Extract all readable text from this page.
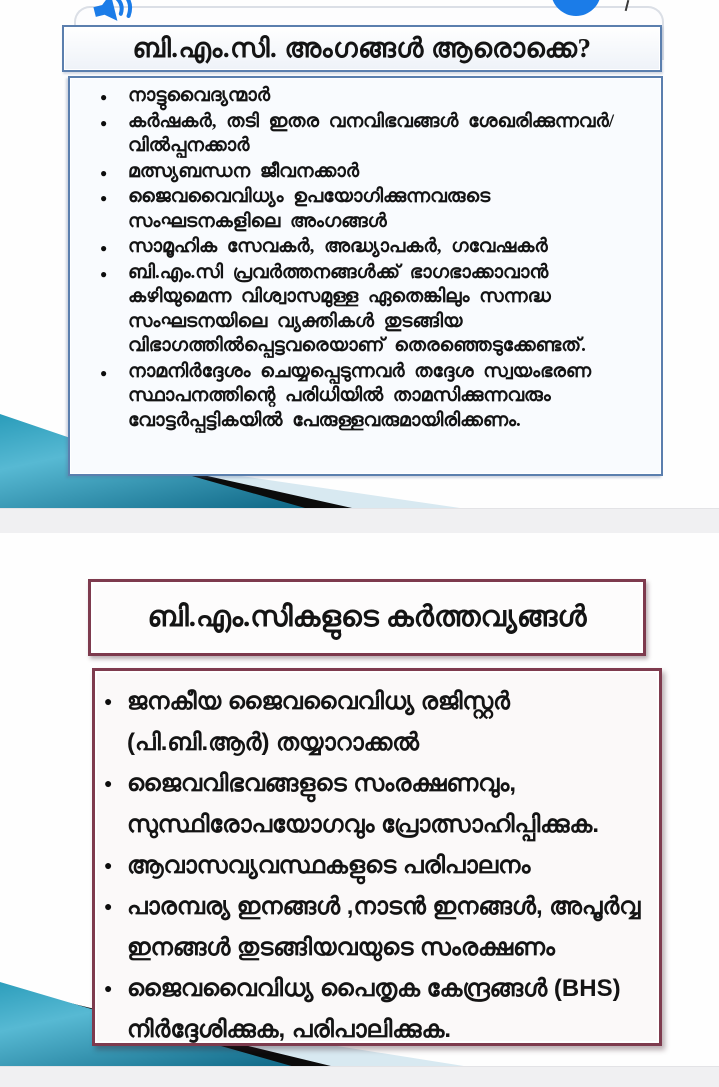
ബി.എം.സി. അംഗങ്ങൾ ആരൊക്കെ?
● നാട്ടുവൈദ്യന്മാർ
● കർഷകർ, തടി ഇതര വനവിഭവങ്ങൾ ശേഖരിക്കുന്നവർ/വിൽപ്പനക്കാർ
● മത്സ്യബന്ധന ജീവനക്കാർ
● ജൈവവൈവിധ്യം ഉപയോഗിക്കുന്നവരുടെ സംഘടനകളിലെ അംഗങ്ങൾ
● സാമൂഹിക സേവകർ, അദ്ധ്യാപകർ, ഗവേഷകർ
● ബി.എം.സി പ്രവർത്തനങ്ങൾക്ക് ഭാഗഭാക്കാവാൻ കഴിയുമെന്ന വിശ്വാസമുള്ള ഏതെങ്കിലും സന്നദ്ധ സംഘടനയിലെ വ്യക്തികൾ തുടങ്ങിയ വിഭാഗത്തിൽപ്പെട്ടവരെയാണ് തെരഞ്ഞെടുക്കേണ്ടത്.
● നാമനിർദ്ദേശം ചെയ്യപ്പെടുന്നവർ തദ്ദേശ സ്വയംഭരണ സ്ഥാപനത്തിന്റെ പരിധിയിൽ താമസിക്കുന്നവരും വോട്ടർപ്പട്ടികയിൽ പേരുള്ളവരുമായിരിക്കണം.
ബി.എം.സികളുടെ കർത്തവ്യങ്ങൾ
● ജനകീയ ജൈവവൈവിധ്യ രജിസ്റ്റർ (പി.ബി.ആർ) തയ്യാറാക്കൽ
● ജൈവവിഭവങ്ങളുടെ സംരക്ഷണവും, സുസ്ഥിരോപയോഗവും പ്രോത്സാഹിപ്പിക്കുക.
● ആവാസവ്യവസ്ഥകളുടെ പരിപാലനം
● പാരമ്പര്യ ഇനങ്ങൾ ,നാടൻ ഇനങ്ങൾ, അപൂർവ്വ ഇനങ്ങൾ തുടങ്ങിയവയുടെ സംരക്ഷണം
● ജൈവവൈവിധ്യ പൈതൃക കേന്ദ്രങ്ങൾ (BHS) നിർദ്ദേശിക്കുക, പരിപാലിക്കുക.
